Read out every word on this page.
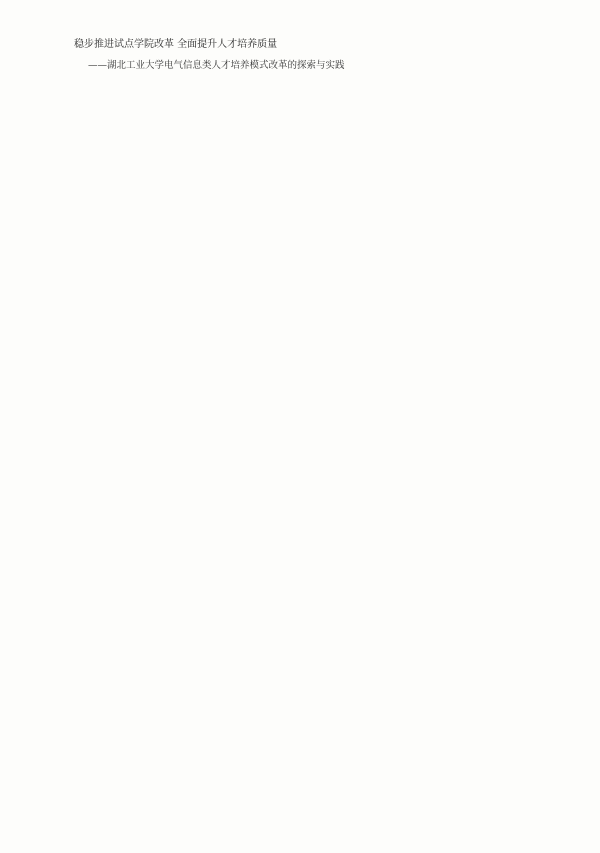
稳步推进试点学院改革 全面提升人才培养质量
——湖北工业大学电气信息类人才培养模式改革的探索与实践
